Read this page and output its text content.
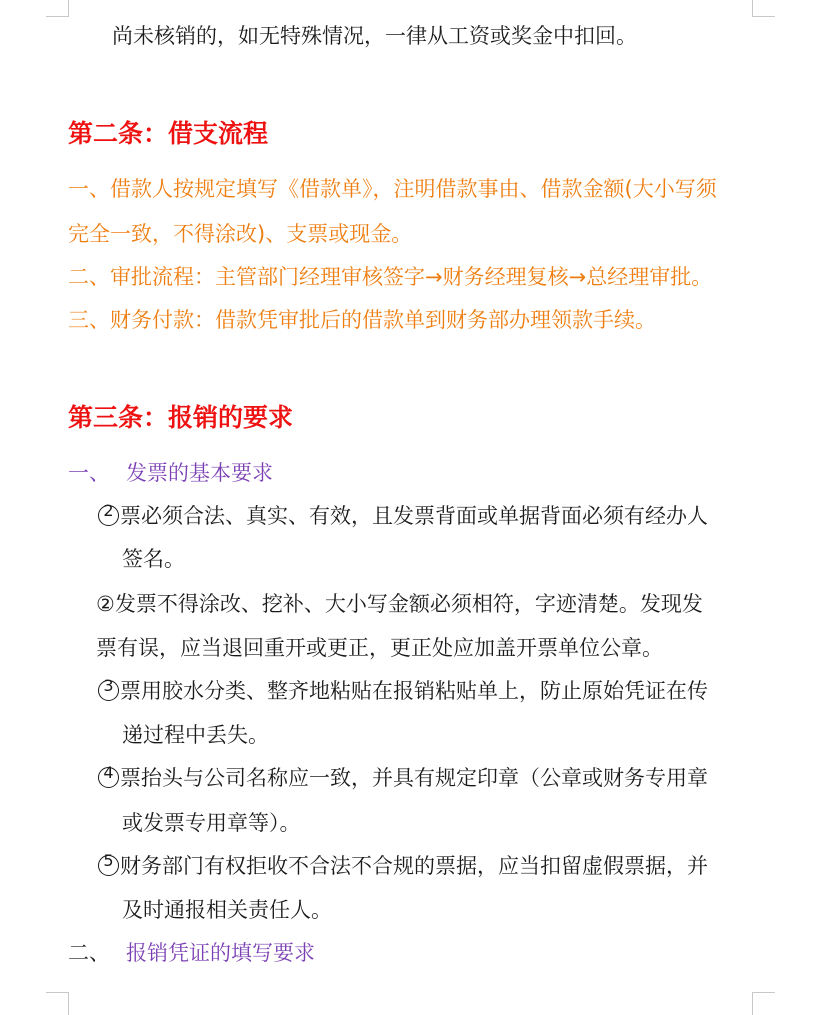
尚未核销的，如无特殊情况，一律从工资或奖金中扣回。
第二条：借支流程
一、借款人按规定填写《借款单》，注明借款事由、借款金额(大小写须
完全一致，不得涂改)、支票或现金。
二、审批流程：主管部门经理审核签字→财务经理复核→总经理审批。
三、财务付款：借款凭审批后的借款单到财务部办理领款手续。
第三条：报销的要求
一、 发票的基本要求
2 票必须合法、真实、有效，且发票背面或单据背面必须有经办人
签名。
②发票不得涂改、挖补、大小写金额必须相符，字迹清楚。发现发
票有误，应当退回重开或更正，更正处应加盖开票单位公章。
3 票用胶水分类、整齐地粘贴在报销粘贴单上，防止原始凭证在传
递过程中丢失。
4 票抬头与公司名称应一致，并具有规定印章（公章或财务专用章
或发票专用章等）。
5 财务部门有权拒收不合法不合规的票据，应当扣留虚假票据，并
及时通报相关责任人。
二、 报销凭证的填写要求
